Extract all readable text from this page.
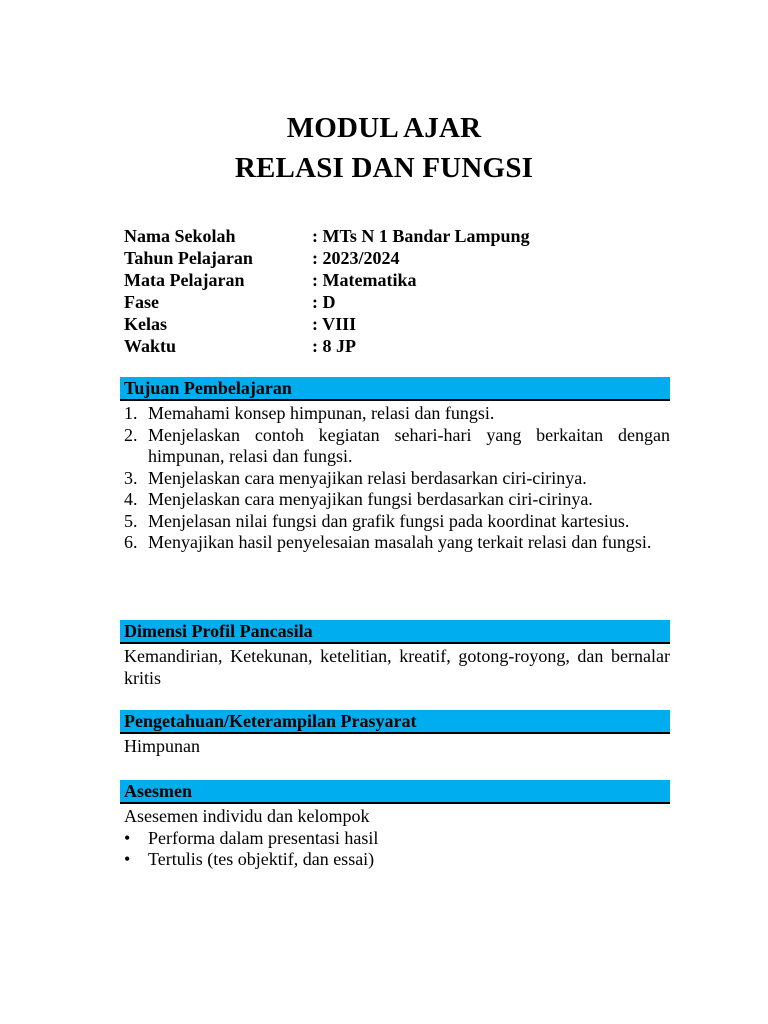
MODUL AJAR
RELASI DAN FUNGSI
Nama Sekolah	: MTs N 1 Bandar Lampung
Tahun Pelajaran	: 2023/2024
Mata Pelajaran	: Matematika
Fase	: D
Kelas	: VIII
Waktu	: 8 JP
Tujuan Pembelajaran
1. Memahami konsep himpunan, relasi dan fungsi.
2. Menjelaskan contoh kegiatan sehari-hari yang berkaitan dengan himpunan, relasi dan fungsi.
3. Menjelaskan cara menyajikan relasi berdasarkan ciri-cirinya.
4. Menjelaskan cara menyajikan fungsi berdasarkan ciri-cirinya.
5. Menjelasan nilai fungsi dan grafik fungsi pada koordinat kartesius.
6. Menyajikan hasil penyelesaian masalah yang terkait relasi dan fungsi.
Dimensi Profil Pancasila
Kemandirian, Ketekunan, ketelitian, kreatif, gotong-royong, dan bernalar kritis
Pengetahuan/Keterampilan Prasyarat
Himpunan
Asesmen
Asesemen individu dan kelompok
• Performa dalam presentasi hasil
• Tertulis (tes objektif, dan essai)
